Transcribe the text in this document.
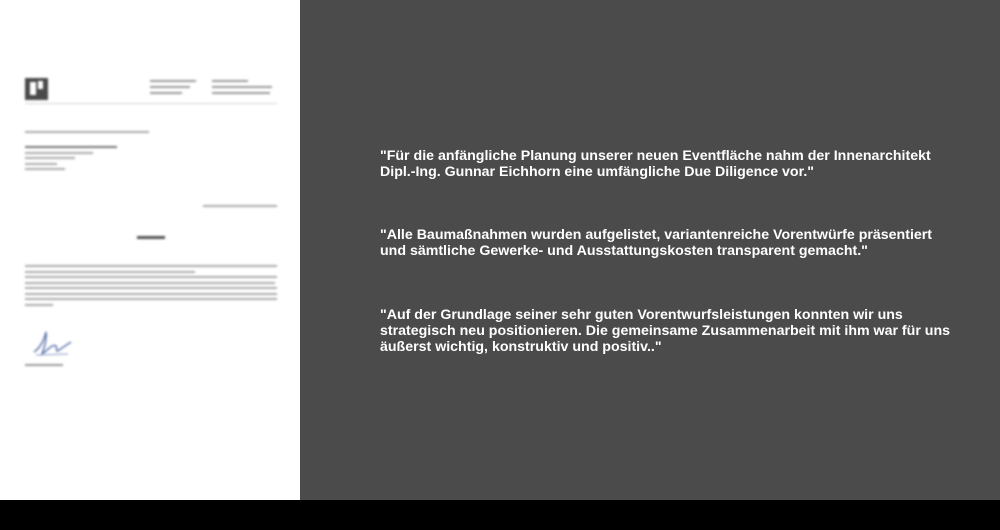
"Für die anfängliche Planung unserer neuen Eventfläche nahm der Innenarchitekt
Dipl.-Ing. Gunnar Eichhorn eine umfängliche Due Diligence vor."

"Alle Baumaßnahmen wurden aufgelistet, variantenreiche Vorentwürfe präsentiert
und sämtliche Gewerke- und Ausstattungskosten transparent gemacht."

"Auf der Grundlage seiner sehr guten Vorentwurfsleistungen konnten wir uns
strategisch neu positionieren. Die gemeinsame Zusammenarbeit mit ihm war für uns
äußerst wichtig, konstruktiv und positiv.."
